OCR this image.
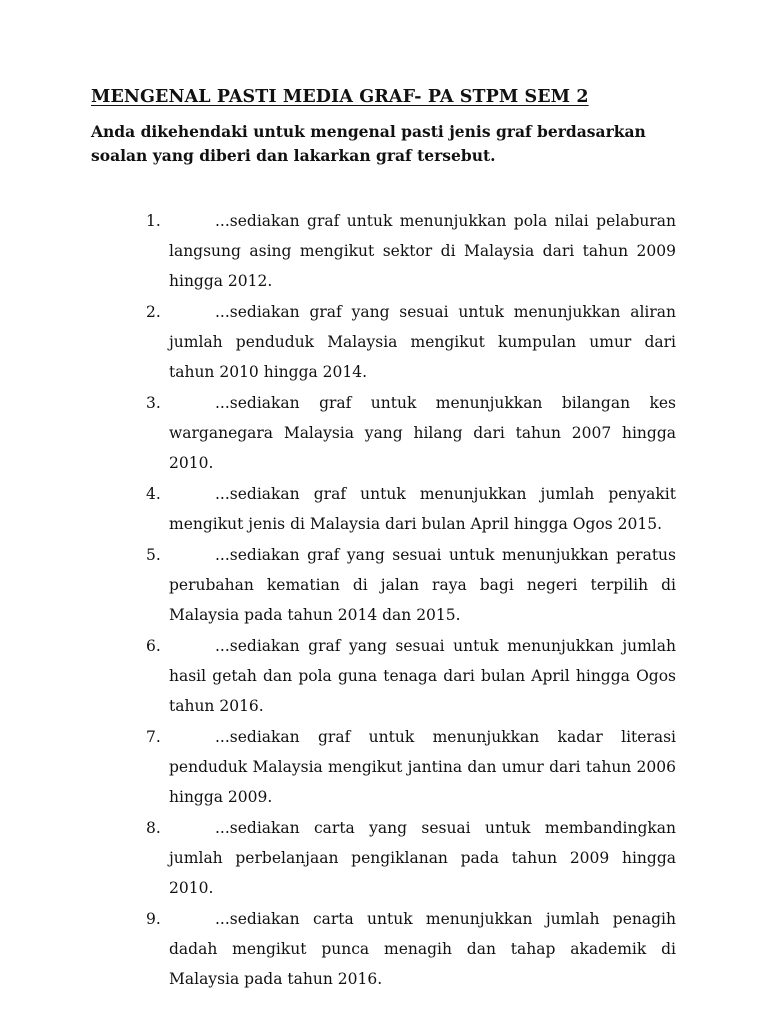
MENGENAL PASTI MEDIA GRAF- PA STPM SEM 2

Anda dikehendaki untuk mengenal pasti jenis graf berdasarkan soalan yang diberi dan lakarkan graf tersebut.

1.	...sediakan graf untuk menunjukkan pola nilai pelaburan langsung asing mengikut sektor di Malaysia dari tahun 2009 hingga 2012.
2.	...sediakan graf yang sesuai untuk menunjukkan aliran jumlah penduduk Malaysia mengikut kumpulan umur dari tahun 2010 hingga 2014.
3.	...sediakan graf untuk menunjukkan bilangan kes warganegara Malaysia yang hilang dari tahun 2007 hingga 2010.
4.	...sediakan graf untuk menunjukkan jumlah penyakit mengikut jenis di Malaysia dari bulan April hingga Ogos 2015.
5.	...sediakan graf yang sesuai untuk menunjukkan peratus perubahan kematian di jalan raya bagi negeri terpilih di Malaysia pada tahun 2014 dan 2015.
6.	...sediakan graf yang sesuai untuk menunjukkan jumlah hasil getah dan pola guna tenaga dari bulan April hingga Ogos tahun 2016.
7.	...sediakan graf untuk menunjukkan kadar literasi penduduk Malaysia mengikut jantina dan umur dari tahun 2006 hingga 2009.
8.	...sediakan carta yang sesuai untuk membandingkan jumlah perbelanjaan pengiklanan pada tahun 2009 hingga 2010.
9.	...sediakan carta untuk menunjukkan jumlah penagih dadah mengikut punca menagih dan tahap akademik di Malaysia pada tahun 2016.
